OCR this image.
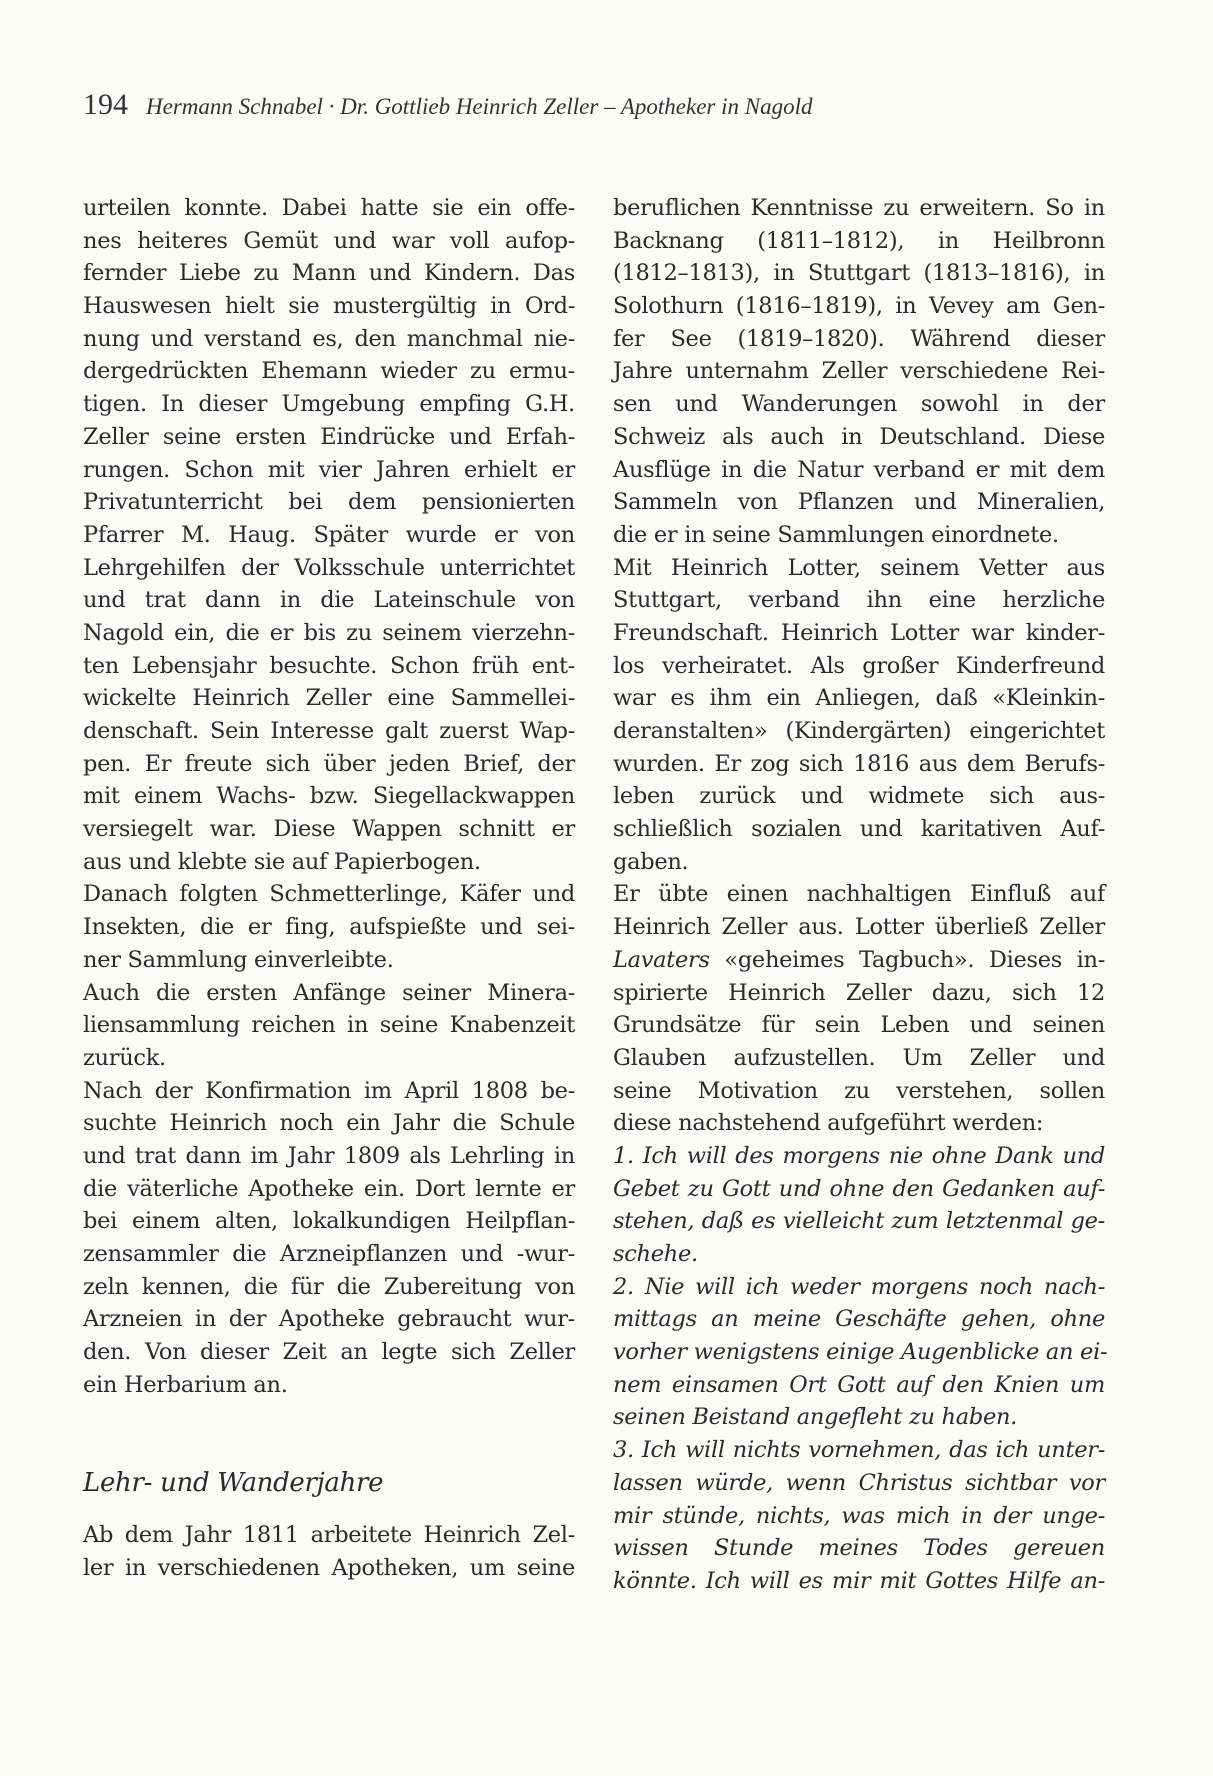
194 Hermann Schnabel · Dr. Gottlieb Heinrich Zeller – Apotheker in Nagold
urteilen konnte. Dabei hatte sie ein offe-
nes heiteres Gemüt und war voll aufop-
fernder Liebe zu Mann und Kindern. Das
Hauswesen hielt sie mustergültig in Ord-
nung und verstand es, den manchmal nie-
dergedrückten Ehemann wieder zu ermu-
tigen. In dieser Umgebung empfing G.H.
Zeller seine ersten Eindrücke und Erfah-
rungen. Schon mit vier Jahren erhielt er
Privatunterricht bei dem pensionierten
Pfarrer M. Haug. Später wurde er von
Lehrgehilfen der Volksschule unterrichtet
und trat dann in die Lateinschule von
Nagold ein, die er bis zu seinem vierzehn-
ten Lebensjahr besuchte. Schon früh ent-
wickelte Heinrich Zeller eine Sammellei-
denschaft. Sein Interesse galt zuerst Wap-
pen. Er freute sich über jeden Brief, der
mit einem Wachs- bzw. Siegellackwappen
versiegelt war. Diese Wappen schnitt er
aus und klebte sie auf Papierbogen.
Danach folgten Schmetterlinge, Käfer und
Insekten, die er fing, aufspießte und sei-
ner Sammlung einverleibte.
Auch die ersten Anfänge seiner Minera-
liensammlung reichen in seine Knabenzeit
zurück.
Nach der Konfirmation im April 1808 be-
suchte Heinrich noch ein Jahr die Schule
und trat dann im Jahr 1809 als Lehrling in
die väterliche Apotheke ein. Dort lernte er
bei einem alten, lokalkundigen Heilpflan-
zensammler die Arzneipflanzen und -wur-
zeln kennen, die für die Zubereitung von
Arzneien in der Apotheke gebraucht wur-
den. Von dieser Zeit an legte sich Zeller
ein Herbarium an.
Lehr- und Wanderjahre
Ab dem Jahr 1811 arbeitete Heinrich Zel-
ler in verschiedenen Apotheken, um seine
beruflichen Kenntnisse zu erweitern. So in
Backnang (1811–1812), in Heilbronn
(1812–1813), in Stuttgart (1813–1816), in
Solothurn (1816–1819), in Vevey am Gen-
fer See (1819–1820). Während dieser
Jahre unternahm Zeller verschiedene Rei-
sen und Wanderungen sowohl in der
Schweiz als auch in Deutschland. Diese
Ausflüge in die Natur verband er mit dem
Sammeln von Pflanzen und Mineralien,
die er in seine Sammlungen einordnete.
Mit Heinrich Lotter, seinem Vetter aus
Stuttgart, verband ihn eine herzliche
Freundschaft. Heinrich Lotter war kinder-
los verheiratet. Als großer Kinderfreund
war es ihm ein Anliegen, daß «Kleinkin-
deranstalten» (Kindergärten) eingerichtet
wurden. Er zog sich 1816 aus dem Berufs-
leben zurück und widmete sich aus-
schließlich sozialen und karitativen Auf-
gaben.
Er übte einen nachhaltigen Einfluß auf
Heinrich Zeller aus. Lotter überließ Zeller
Lavaters «geheimes Tagbuch». Dieses in-
spirierte Heinrich Zeller dazu, sich 12
Grundsätze für sein Leben und seinen
Glauben aufzustellen. Um Zeller und
seine Motivation zu verstehen, sollen
diese nachstehend aufgeführt werden:
1. Ich will des morgens nie ohne Dank und
Gebet zu Gott und ohne den Gedanken auf-
stehen, daß es vielleicht zum letztenmal ge-
schehe.
2. Nie will ich weder morgens noch nach-
mittags an meine Geschäfte gehen, ohne
vorher wenigstens einige Augenblicke an ei-
nem einsamen Ort Gott auf den Knien um
seinen Beistand angefleht zu haben.
3. Ich will nichts vornehmen, das ich unter-
lassen würde, wenn Christus sichtbar vor
mir stünde, nichts, was mich in der unge-
wissen Stunde meines Todes gereuen
könnte. Ich will es mir mit Gottes Hilfe an-
